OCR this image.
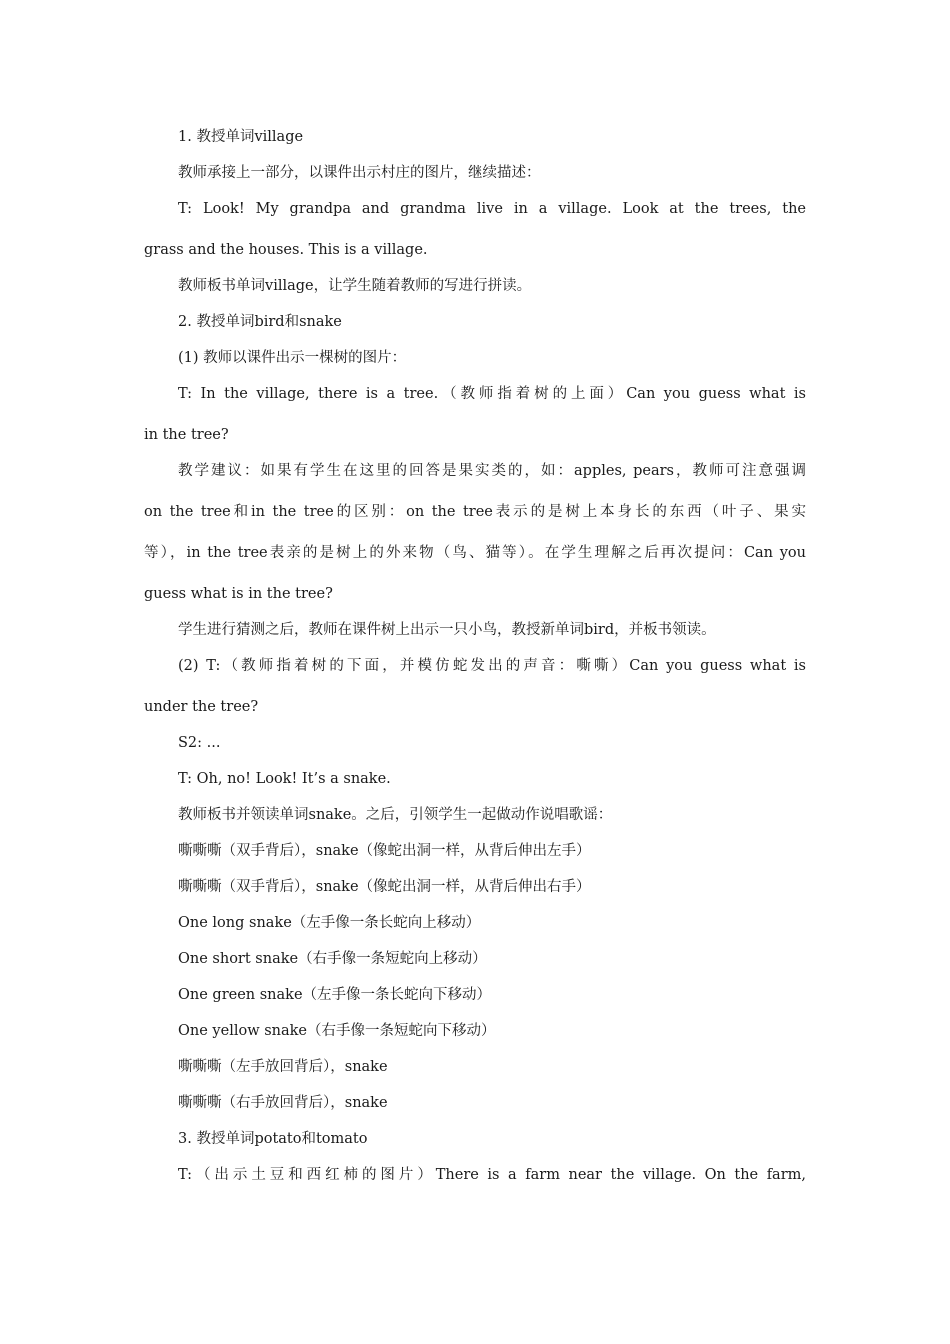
1. 教授单词village
教师承接上一部分，以课件出示村庄的图片，继续描述：
T: Look! My grandpa and grandma live in a village. Look at the trees, the
grass and the houses. This is a village.
教师板书单词village，让学生随着教师的写进行拼读。
2. 教授单词bird和snake
(1) 教师以课件出示一棵树的图片：
T: In the village, there is a tree.（教师指着树的上面）Can you guess what is
in the tree?
教学建议：如果有学生在这里的回答是果实类的，如：apples, pears，教师可注意强调
on the tree和in the tree的区别：on the tree表示的是树上本身长的东西（叶子、果实
等），in the tree表亲的是树上的外来物（鸟、猫等）。在学生理解之后再次提问：Can you
guess what is in the tree?
学生进行猜测之后，教师在课件树上出示一只小鸟，教授新单词bird，并板书领读。
(2) T:（教师指着树的下面，并模仿蛇发出的声音：嘶嘶）Can you guess what is
under the tree?
S2: ...
T: Oh, no! Look! It’s a snake.
教师板书并领读单词snake。之后，引领学生一起做动作说唱歌谣：
嘶嘶嘶（双手背后），snake（像蛇出洞一样，从背后伸出左手）
嘶嘶嘶（双手背后），snake（像蛇出洞一样，从背后伸出右手）
One long snake（左手像一条长蛇向上移动）
One short snake（右手像一条短蛇向上移动）
One green snake（左手像一条长蛇向下移动）
One yellow snake（右手像一条短蛇向下移动）
嘶嘶嘶（左手放回背后），snake
嘶嘶嘶（右手放回背后），snake
3. 教授单词potato和tomato
T:（出示土豆和西红柿的图片）There is a farm near the village. On the farm,
